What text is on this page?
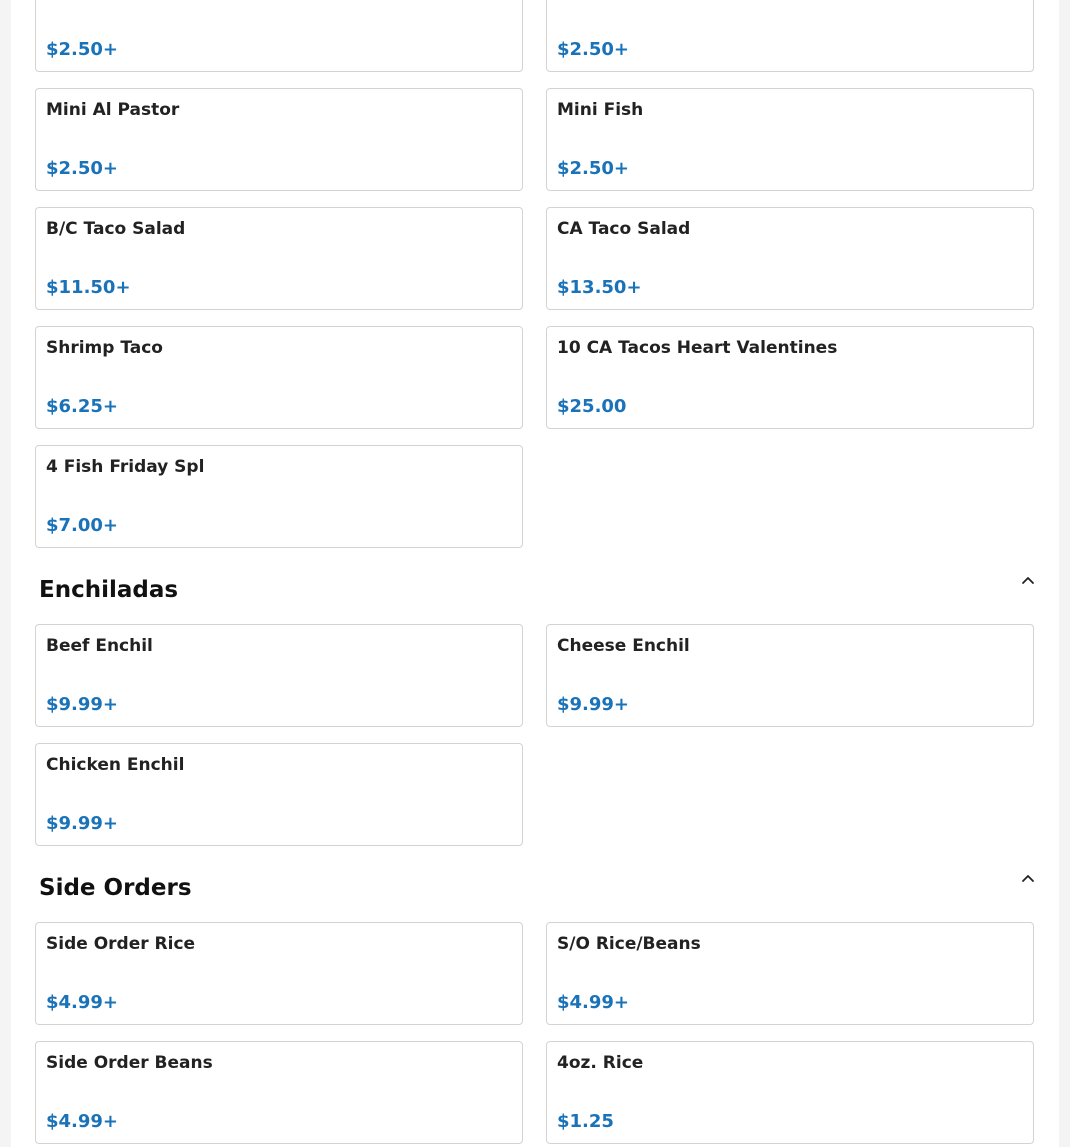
$2.50+	$2.50+
Mini Al Pastor
$2.50+
Mini Fish
$2.50+
B/C Taco Salad
$11.50+
CA Taco Salad
$13.50+
Shrimp Taco
$6.25+
10 CA Tacos Heart Valentines
$25.00
4 Fish Friday Spl
$7.00+
Enchiladas
Beef Enchil
$9.99+
Cheese Enchil
$9.99+
Chicken Enchil
$9.99+
Side Orders
Side Order Rice
$4.99+
S/O Rice/Beans
$4.99+
Side Order Beans
$4.99+
4oz. Rice
$1.25
